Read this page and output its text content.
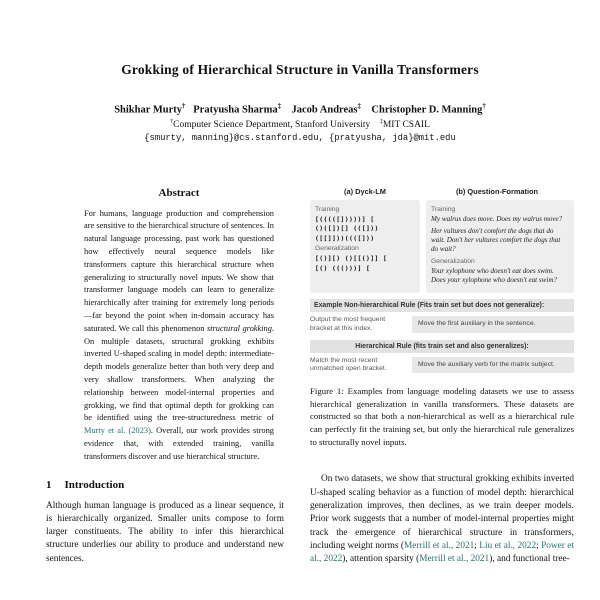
Grokking of Hierarchical Structure in Vanilla Transformers
Shikhar Murty†   Pratyusha Sharma‡    Jacob Andreas‡    Christopher D. Manning†
†Computer Science Department, Stanford University ‡MIT CSAIL
{smurty, manning}@cs.stanford.edu, {pratyusha, jda}@mit.edu
Abstract
For humans, language production and comprehension are sensitive to the hierarchical structure of sentences. In natural language processing, past work has questioned how effectively neural sequence models like transformers capture this hierarchical structure when generalizing to structurally novel inputs. We show that transformer language models can learn to generalize hierarchically after training for extremely long periods—far beyond the point when in-domain accuracy has saturated. We call this phenomenon structural grokking. On multiple datasets, structural grokking exhibits inverted U-shaped scaling in model depth: intermediate-depth models generalize better than both very deep and very shallow transformers. When analyzing the relationship between model-internal properties and grokking, we find that optimal depth for grokking can be identified using the tree-structuredness metric of Murty et al. (2023). Overall, our work provides strong evidence that, with extended training, vanilla transformers discover and use hierarchical structure.
1 Introduction
Although human language is produced as a linear sequence, it is hierarchically organized. Smaller units compose to form larger constituents. The ability to infer this hierarchical structure underlies our ability to produce and understand new sentences.
(a) Dyck-LM	(b) Question-Formation
Training
[(((([]))))] [
()([])[] (([]))
([[]]))((([]))
Generalization
[()][) ()[[()]] [
[() ((()))] [
Training
My walrus does move. Does my walrus move?
Her vultures don't comfort the dogs that do wait. Don't her vultures comfort the dogs that do wait?
Generalization
Your xylophone who doesn't eat does swim. Does your xylophone who doesn't eat swim?
Example Non-hierarchical Rule (Fits train set but does not generalize):
Output the most frequent bracket at this index.
Move the first auxiliary in the sentence.
Hierarchical Rule (fits train set and also generalizes):
Match the most recent unmatched open bracket.
Move the auxiliary verb for the matrix subject.
Figure 1: Examples from language modeling datasets we use to assess hierarchical generalization in vanilla transformers. These datasets are constructed so that both a non-hierarchical as well as a hierarchical rule can perfectly fit the training set, but only the hierarchical rule generalizes to structurally novel inputs.
On two datasets, we show that structural grokking exhibits inverted U-shaped scaling behavior as a function of model depth: hierarchical generalization improves, then declines, as we train deeper models. Prior work suggests that a number of model-internal properties might track the emergence of hierarchical structure in transformers, including weight norms (Merrill et al., 2021; Liu et al., 2022; Power et al., 2022), attention sparsity (Merrill et al., 2021), and functional tree-
